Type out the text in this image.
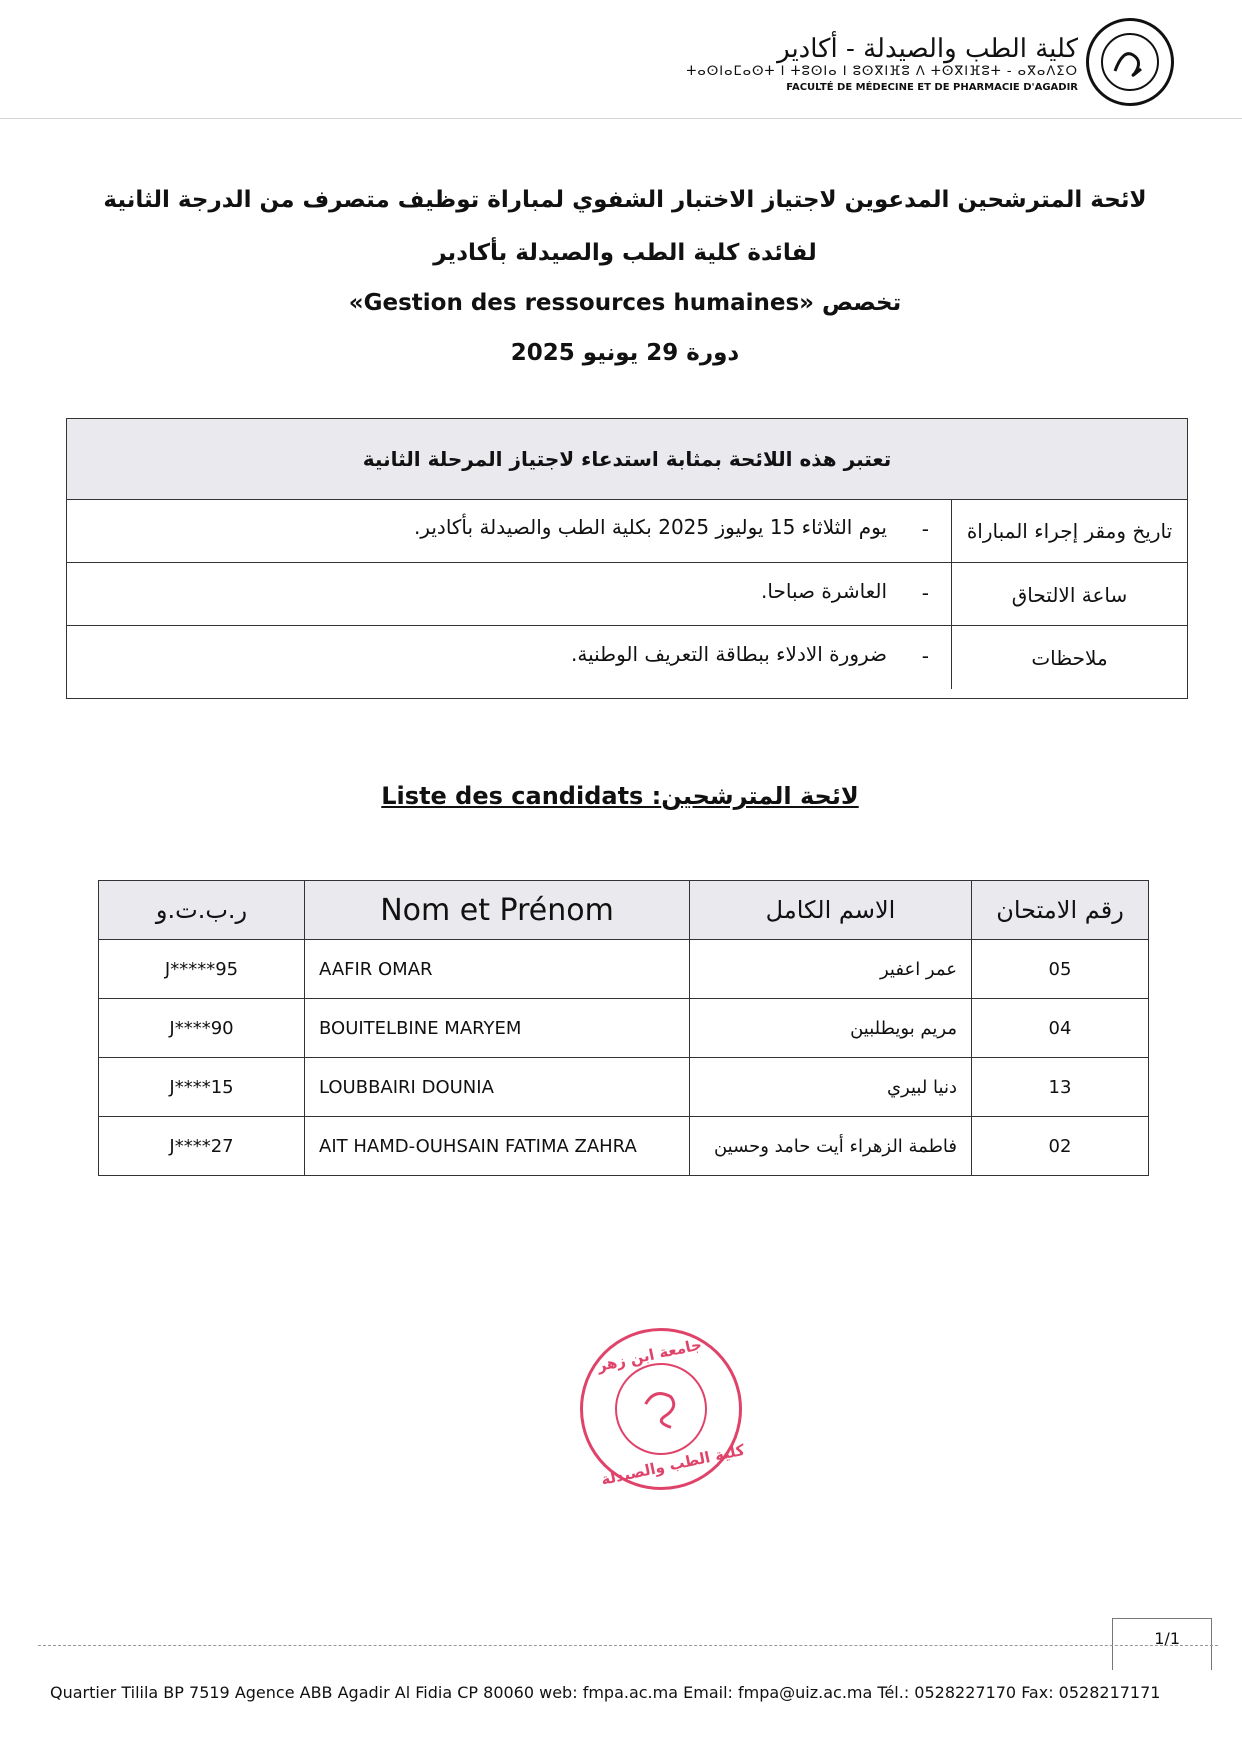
كلية الطب والصيدلة - أكادير
ⵜⴰⵙⵏⴰⵎⴰⵙⵜ ⵏ ⵜⵓⵙⵏⴰ ⵏ ⵓⵙⴳⵏⴼⵓ ⴷ ⵜⵙⴳⵏⴼⵓⵜ - ⴰⴳⴰⴷⵉⵔ
FACULTÉ DE MÉDECINE ET DE PHARMACIE D'AGADIR
لائحة المترشحين المدعوين لاجتياز الاختبار الشفوي لمباراة توظيف متصرف من الدرجة الثانية
لفائدة كلية الطب والصيدلة بأكادير
تخصص «Gestion des ressources humaines»
دورة 29 يونيو 2025
تعتبر هذه اللائحة بمثابة استدعاء لاجتياز المرحلة الثانية
تاريخ ومقر إجراء المباراة
-
يوم الثلاثاء 15 يوليوز 2025 بكلية الطب والصيدلة بأكادير.
ساعة الالتحاق
-
العاشرة صباحا.
ملاحظات
-
ضرورة الادلاء ببطاقة التعريف الوطنية.
Liste des candidats :لائحة المترشحين
ر.ب.ت.و	Nom et Prénom	الاسم الكامل	رقم الامتحان
J*****95	AAFIR OMAR	عمر اعفير	05
J****90	BOUITELBINE MARYEM	مريم بويطلبين	04
J****15	LOUBBAIRI DOUNIA	دنيا لبيري	13
J****27	AIT HAMD-OUHSAIN FATIMA ZAHRA	فاطمة الزهراء أيت حامد وحسين	02
جامعة ابن زهر
كلية الطب والصيدلة
1/1
Quartier Tilila BP 7519 Agence ABB Agadir Al Fidia CP 80060 web: fmpa.ac.ma Email: fmpa@uiz.ac.ma Tél.: 0528227170 Fax: 0528217171
